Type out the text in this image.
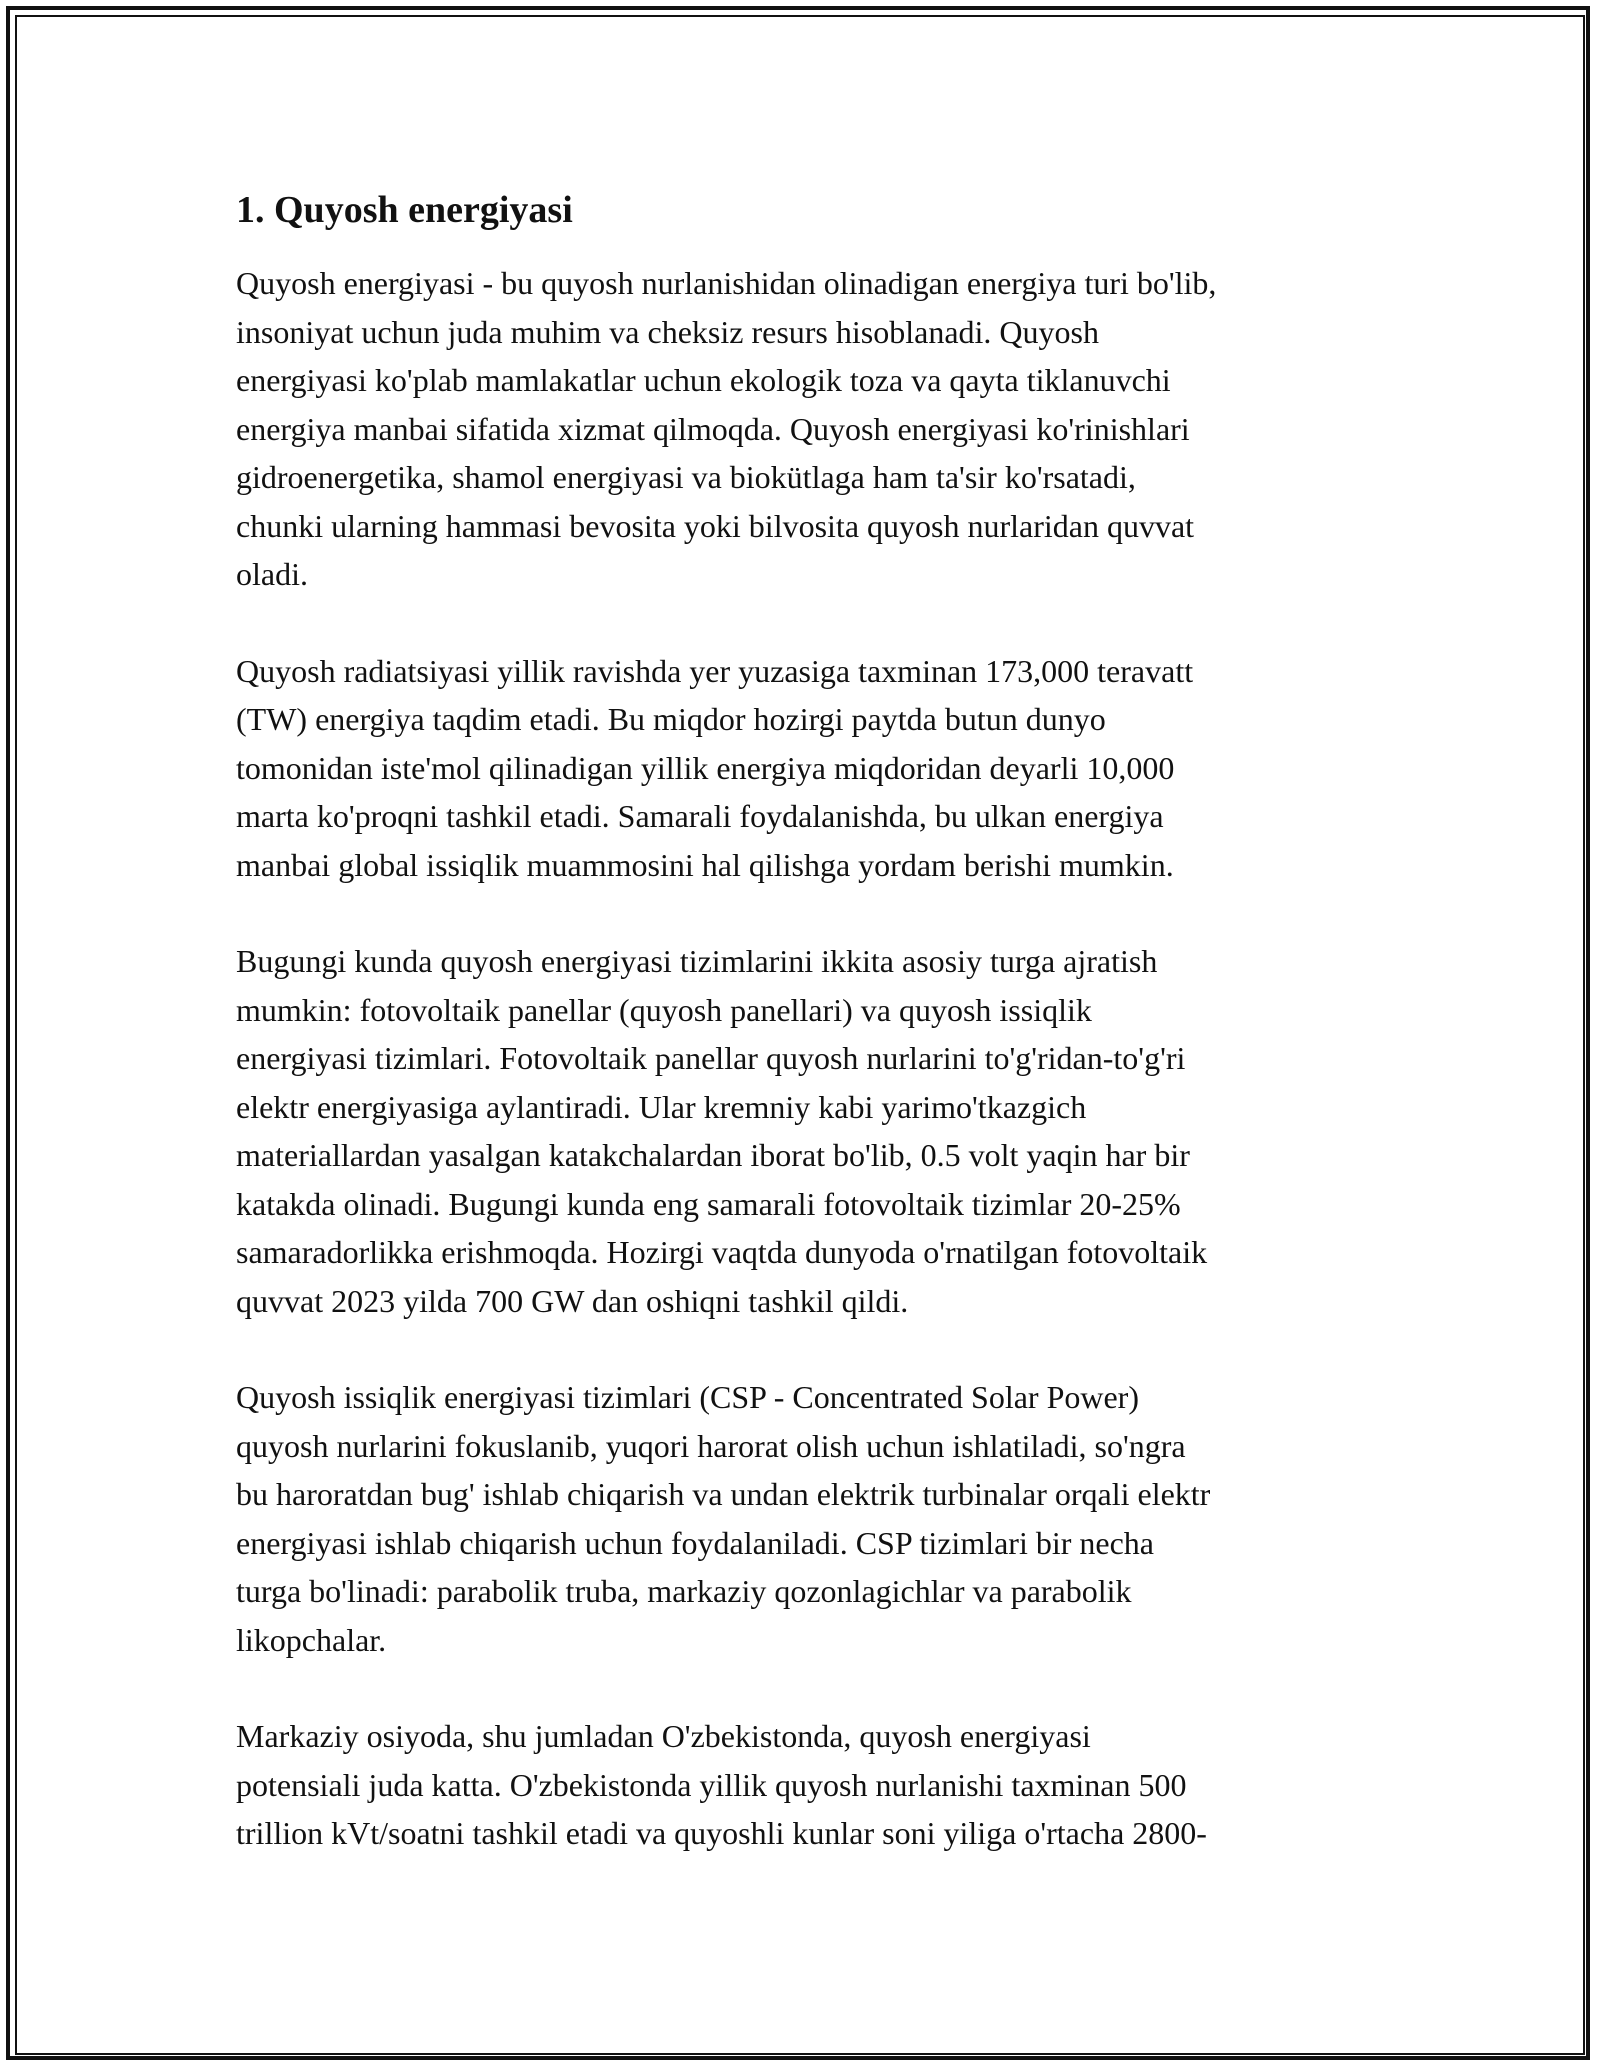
1. Quyosh energiyasi

Quyosh energiyasi - bu quyosh nurlanishidan olinadigan energiya turi bo'lib,
insoniyat uchun juda muhim va cheksiz resurs hisoblanadi. Quyosh
energiyasi ko'plab mamlakatlar uchun ekologik toza va qayta tiklanuvchi
energiya manbai sifatida xizmat qilmoqda. Quyosh energiyasi ko'rinishlari
gidroenergetika, shamol energiyasi va biokütlaga ham ta'sir ko'rsatadi,
chunki ularning hammasi bevosita yoki bilvosita quyosh nurlaridan quvvat
oladi.

Quyosh radiatsiyasi yillik ravishda yer yuzasiga taxminan 173,000 teravatt
(TW) energiya taqdim etadi. Bu miqdor hozirgi paytda butun dunyo
tomonidan iste'mol qilinadigan yillik energiya miqdoridan deyarli 10,000
marta ko'proqni tashkil etadi. Samarali foydalanishda, bu ulkan energiya
manbai global issiqlik muammosini hal qilishga yordam berishi mumkin.

Bugungi kunda quyosh energiyasi tizimlarini ikkita asosiy turga ajratish
mumkin: fotovoltaik panellar (quyosh panellari) va quyosh issiqlik
energiyasi tizimlari. Fotovoltaik panellar quyosh nurlarini to'g'ridan-to'g'ri
elektr energiyasiga aylantiradi. Ular kremniy kabi yarimo'tkazgich
materiallardan yasalgan katakchalardan iborat bo'lib, 0.5 volt yaqin har bir
katakda olinadi. Bugungi kunda eng samarali fotovoltaik tizimlar 20-25%
samaradorlikka erishmoqda. Hozirgi vaqtda dunyoda o'rnatilgan fotovoltaik
quvvat 2023 yilda 700 GW dan oshiqni tashkil qildi.

Quyosh issiqlik energiyasi tizimlari (CSP - Concentrated Solar Power)
quyosh nurlarini fokuslanib, yuqori harorat olish uchun ishlatiladi, so'ngra
bu haroratdan bug' ishlab chiqarish va undan elektrik turbinalar orqali elektr
energiyasi ishlab chiqarish uchun foydalaniladi. CSP tizimlari bir necha
turga bo'linadi: parabolik truba, markaziy qozonlagichlar va parabolik
likopchalar.

Markaziy osiyoda, shu jumladan O'zbekistonda, quyosh energiyasi
potensiali juda katta. O'zbekistonda yillik quyosh nurlanishi taxminan 500
trillion kVt/soatni tashkil etadi va quyoshli kunlar soni yiliga o'rtacha 2800-
